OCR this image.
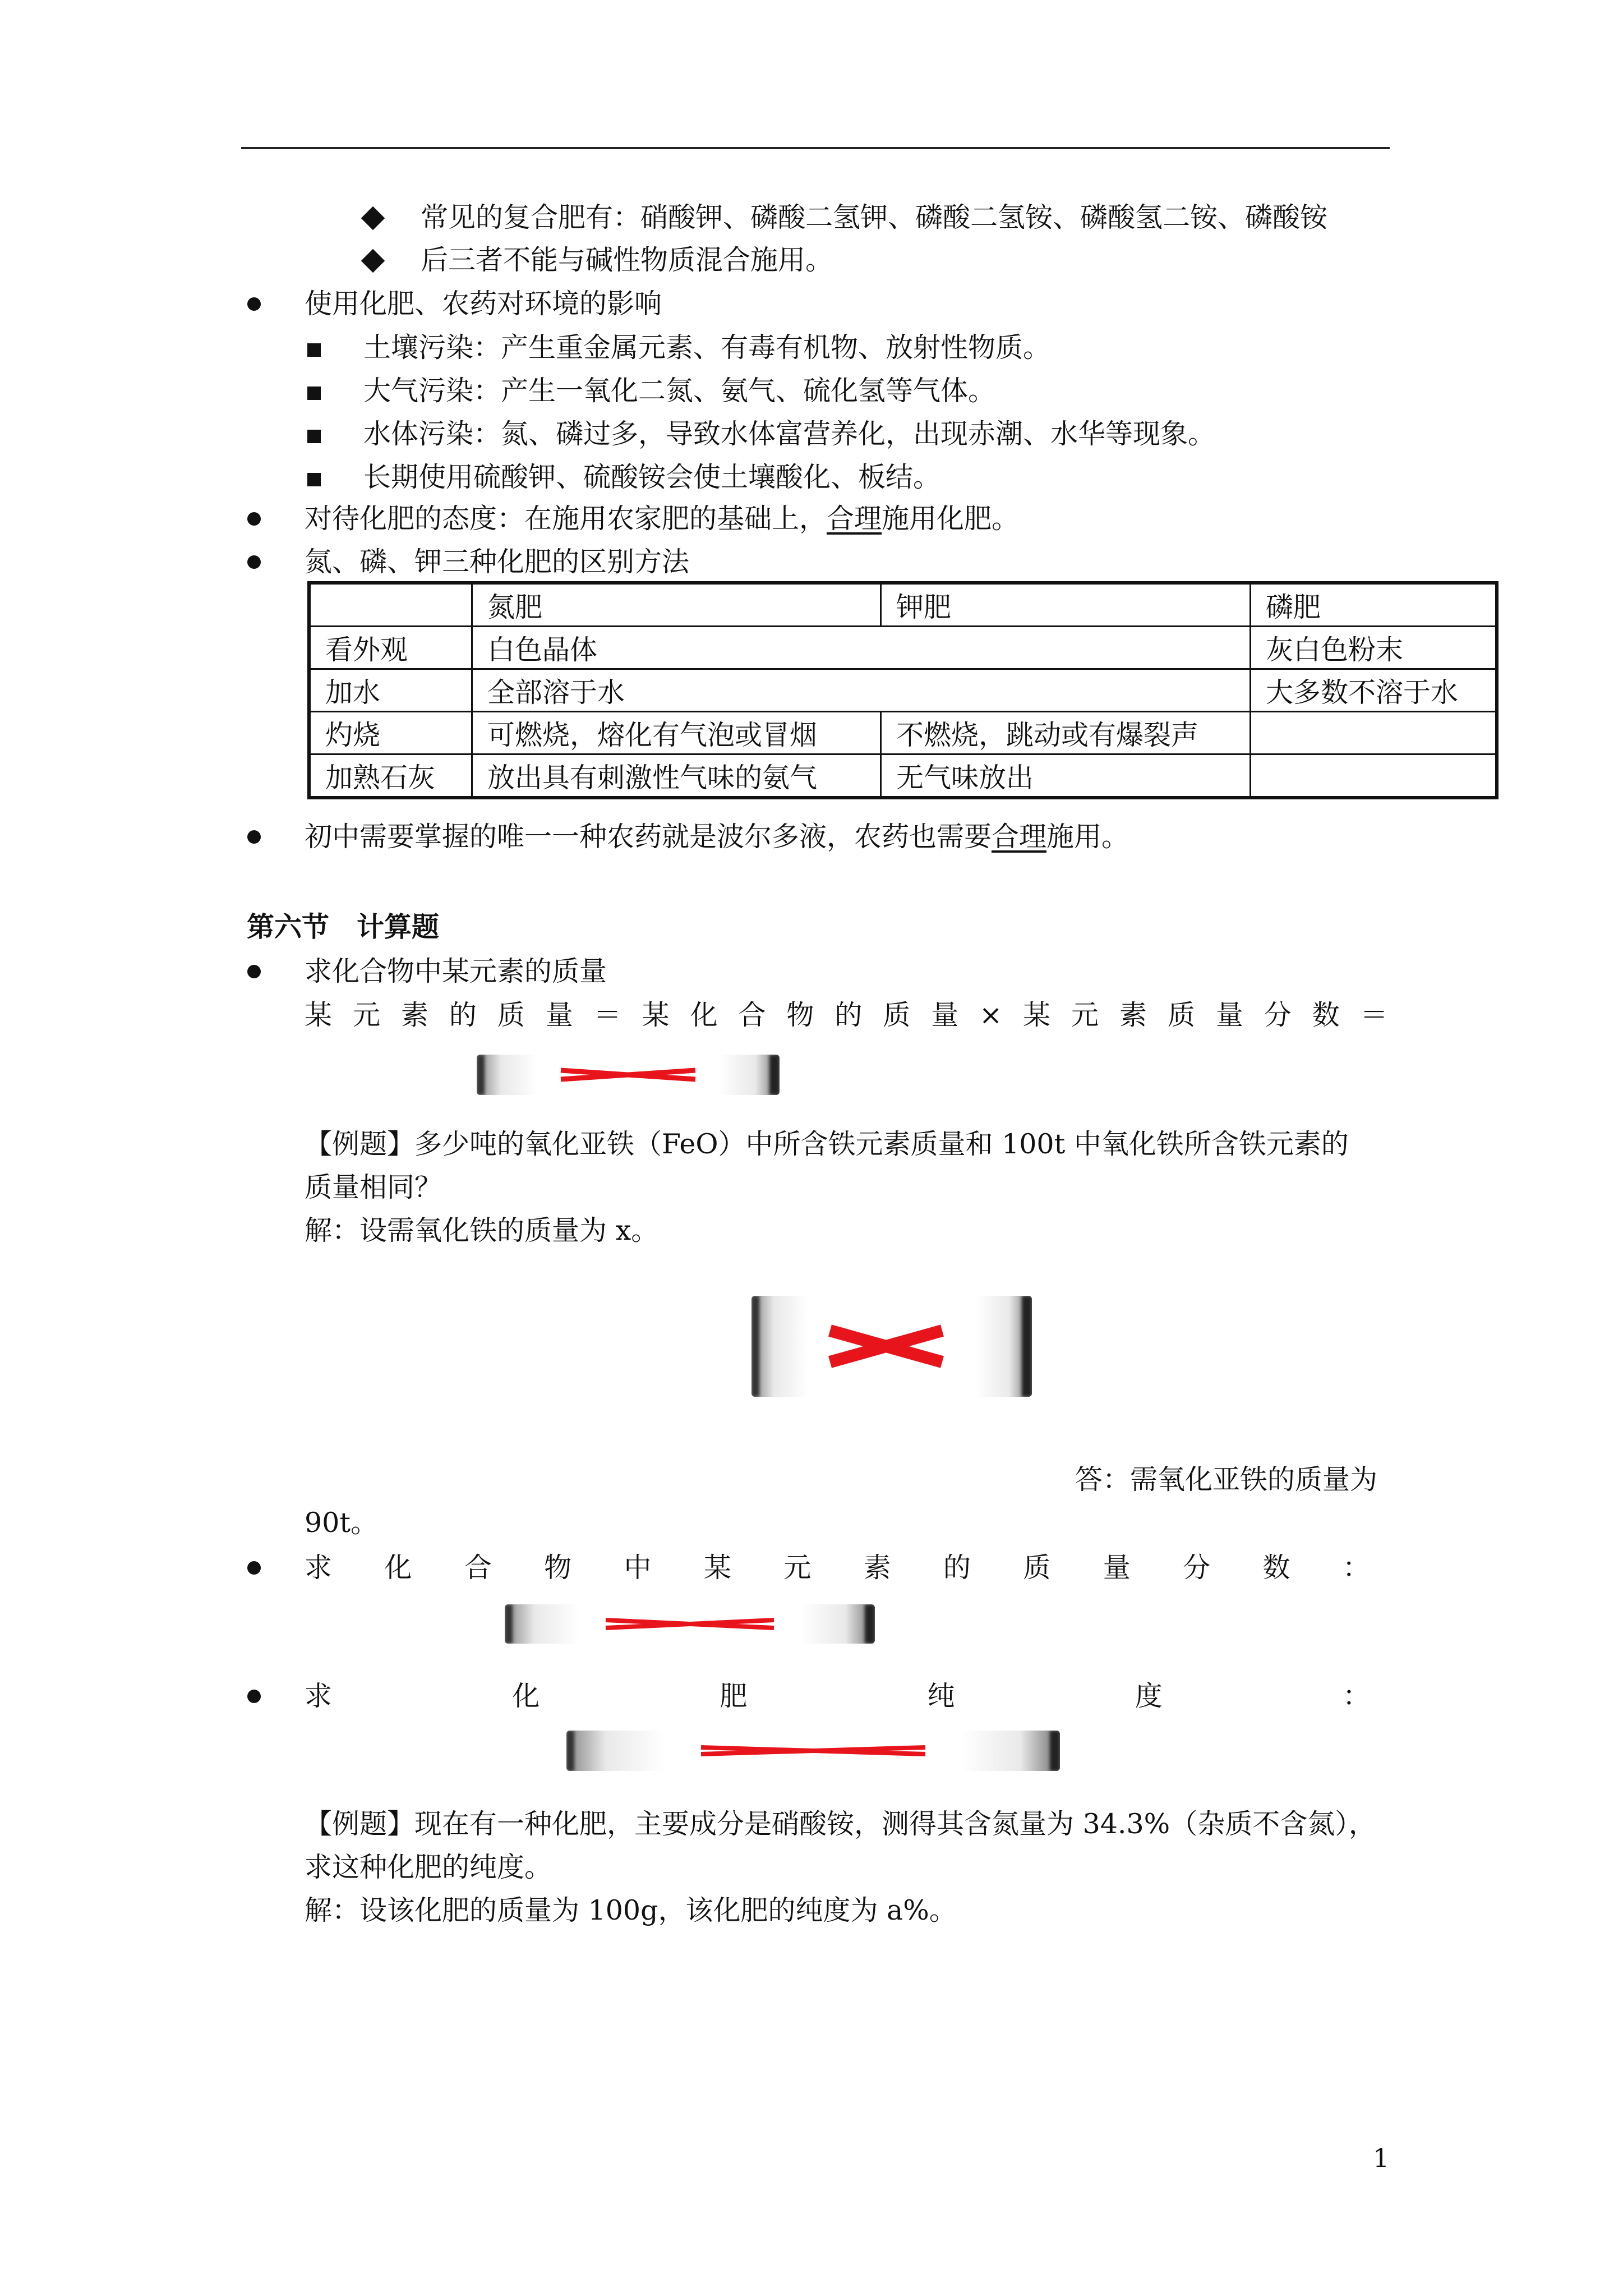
常见的复合肥有：硝酸钾、磷酸二氢钾、磷酸二氢铵、磷酸氢二铵、磷酸铵
后三者不能与碱性物质混合施用。
使用化肥、农药对环境的影响
土壤污染：产生重金属元素、有毒有机物、放射性物质。
大气污染：产生一氧化二氮、氨气、硫化氢等气体。
水体污染：氮、磷过多，导致水体富营养化，出现赤潮、水华等现象。
长期使用硫酸钾、硫酸铵会使土壤酸化、板结。
对待化肥的态度：在施用农家肥的基础上，合理施用化肥。
氮、磷、钾三种化肥的区别方法
	氮肥	钾肥	磷肥
看外观	白色晶体		灰白色粉末
加水	全部溶于水		大多数不溶于水
灼烧	可燃烧，熔化有气泡或冒烟	不燃烧，跳动或有爆裂声	
加熟石灰	放出具有刺激性气味的氨气	无气味放出	
初中需要掌握的唯一一种农药就是波尔多液，农药也需要合理施用。
第六节　计算题
求化合物中某元素的质量
某 元 素 的 质 量 ＝ 某 化 合 物 的 质 量 × 某 元 素 质 量 分 数 ＝
【例题】多少吨的氧化亚铁（FeO）中所含铁元素质量和 100t 中氧化铁所含铁元素的
质量相同？
解：设需氧化铁的质量为 x。
答：需氧化亚铁的质量为
90t。
求 化 合 物 中 某 元 素 的 质 量 分 数 ：
求	化	肥	纯	度	：
【例题】现在有一种化肥，主要成分是硝酸铵，测得其含氮量为 34.3%（杂质不含氮），
求这种化肥的纯度。
解：设该化肥的质量为 100g，该化肥的纯度为 a%。
1
